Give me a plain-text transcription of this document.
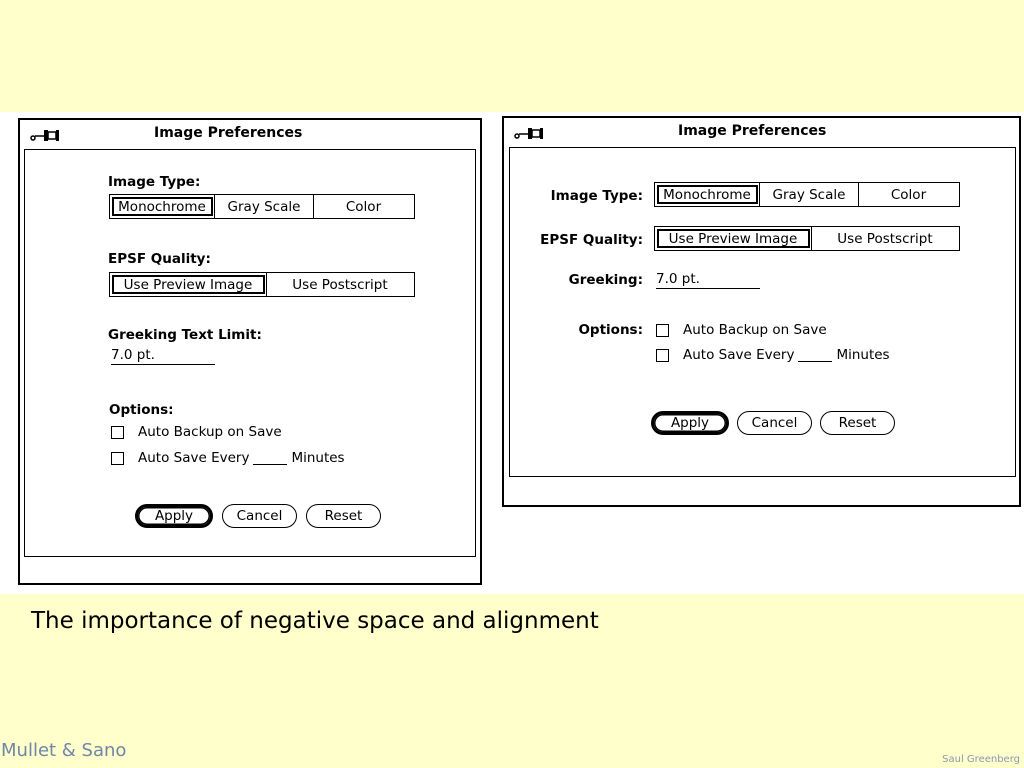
Image Preferences
Image Type:
Monochrome	Gray Scale	Color
EPSF Quality:
Use Preview Image	Use Postscript
Greeking Text Limit:
7.0 pt.
Options:
Auto Backup on Save
Auto Save Every	Minutes
Apply	Cancel	Reset
Image Preferences
Image Type:	Monochrome	Gray Scale	Color
EPSF Quality:	Use Preview Image	Use Postscript
Greeking: 7.0 pt.
Options:	Auto Backup on Save
Auto Save Every	Minutes
Apply	Cancel	Reset
The importance of negative space and alignment
Mullet & Sano	Saul Greenberg
